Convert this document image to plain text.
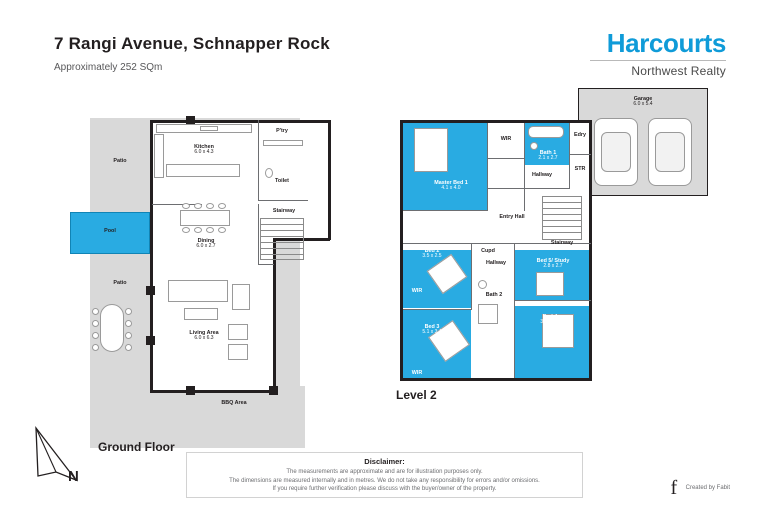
7 Rangi Avenue, Schnapper Rock
Approximately 252 SQm
Harcourts
Northwest Realty
Pool
Kitchen
6.0 x 4.3
P'try
Toilet
Stairway
Dining
6.0 x 2.7
Living Area
6.0 x 6.3
Patio
Patio
BBQ Area
Ground Floor
Garage
6.0 x 5.4
Stairway
Master Bed 1
4.1 x 4.0
Bath 1
2.1 x 2.7
WIR
Edry
STR
Hallway
Entry Hall
Bed 2
3.5 x 2.5
Bed 5/ Study
2.8 x 2.7
Bath 2
Bed 3
5.1 x 3.4
Bed 4
3.3 x 4.0
Hallway
WIR
WIR
Cupd
Level 2
N
Disclaimer:

The measurements are approximate and are for illustration purposes only.

The dimensions are measured internally and in metres. We do not take any responsibility for errors and/or omissions.

If you require further verification please discuss with the buyer/owner of the property.	f Created by Fabit
